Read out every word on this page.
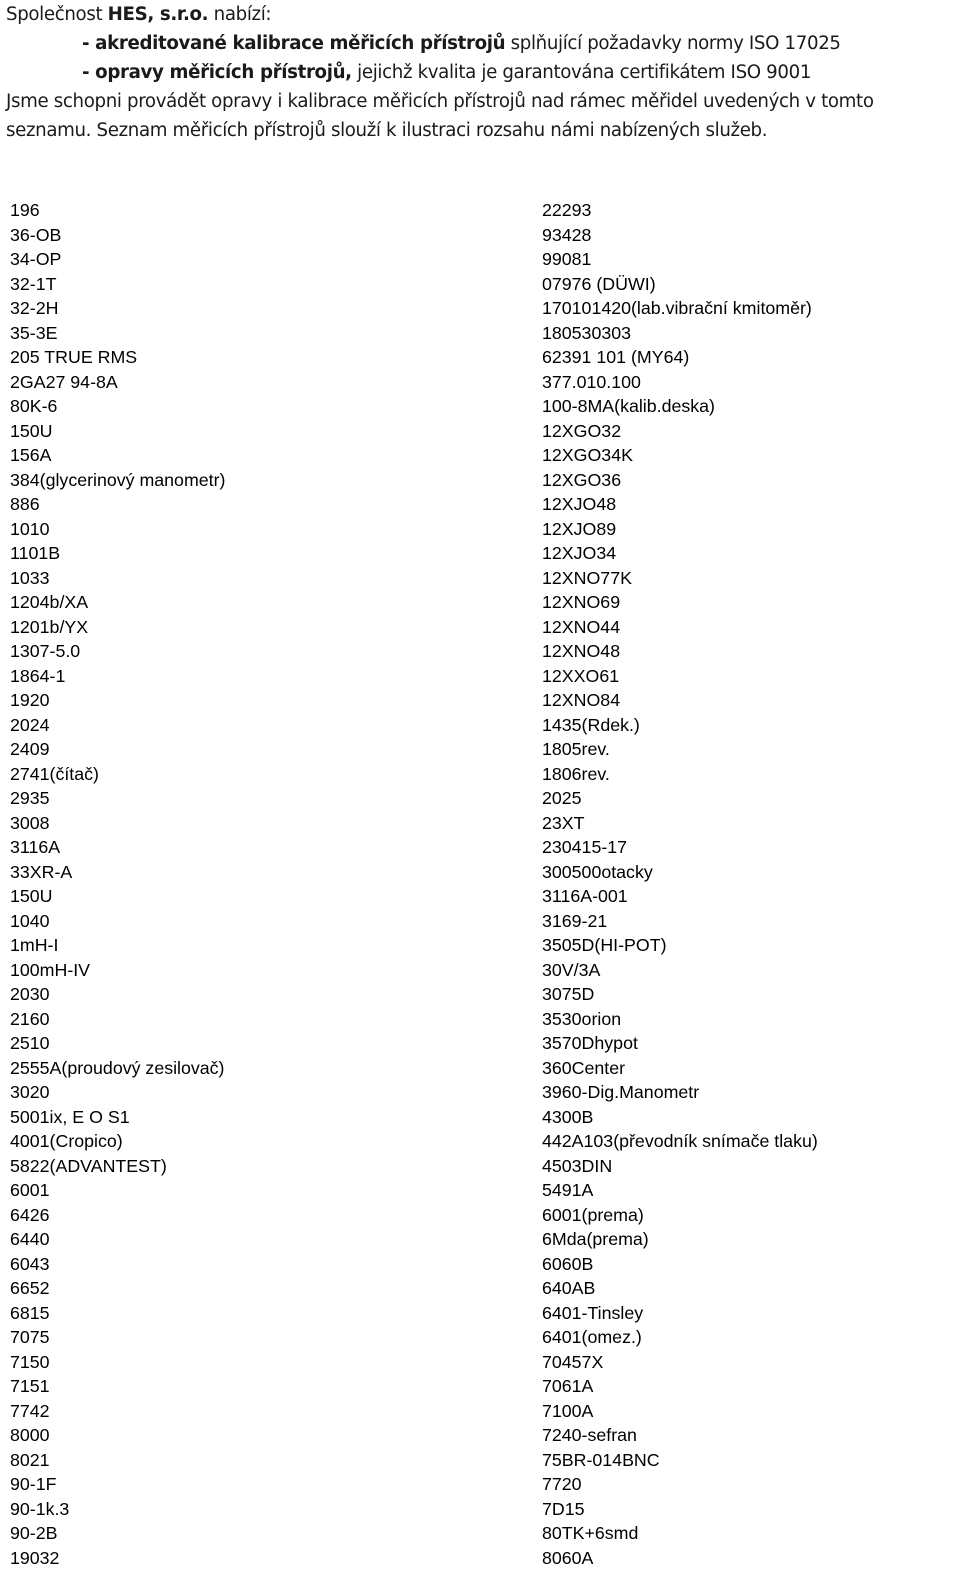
Společnost HES, s.r.o. nabízí:
- akreditované kalibrace měřicích přístrojů splňující požadavky normy ISO 17025
- opravy měřicích přístrojů, jejichž kvalita je garantována certifikátem ISO 9001
Jsme schopni provádět opravy i kalibrace měřicích přístrojů nad rámec měřidel uvedených v tomto seznamu. Seznam měřicích přístrojů slouží k ilustraci rozsahu námi nabízených služeb.
196
36-OB
34-OP
32-1T
32-2H
35-3E
205 TRUE RMS
2GA27 94-8A
80K-6
150U
156A
384(glycerinový manometr)
886
1010
1101B
1033
1204b/XA
1201b/YX
1307-5.0
1864-1
1920
2024
2409
2741(čítač)
2935
3008
3116A
33XR-A
150U
1040
1mH-I
100mH-IV
2030
2160
2510
2555A(proudový zesilovač)
3020
5001ix, E O S1
4001(Cropico)
5822(ADVANTEST)
6001
6426
6440
6043
6652
6815
7075
7150
7151
7742
8000
8021
90-1F
90-1k.3
90-2B
19032
22293
93428
99081
07976 (DÜWI)
170101420(lab.vibrační kmitoměr)
180530303
62391 101 (MY64)
377.010.100
100-8MA(kalib.deska)
12XGO32
12XGO34K
12XGO36
12XJO48
12XJO89
12XJO34
12XNO77K
12XNO69
12XNO44
12XNO48
12XXO61
12XNO84
1435(Rdek.)
1805rev.
1806rev.
2025
23XT
230415-17
300500otacky
3116A-001
3169-21
3505D(HI-POT)
30V/3A
3075D
3530orion
3570Dhypot
360Center
3960-Dig.Manometr
4300B
442A103(převodník snímače tlaku)
4503DIN
5491A
6001(prema)
6Mda(prema)
6060B
640AB
6401-Tinsley
6401(omez.)
70457X
7061A
7100A
7240-sefran
75BR-014BNC
7720
7D15
80TK+6smd
8060A
